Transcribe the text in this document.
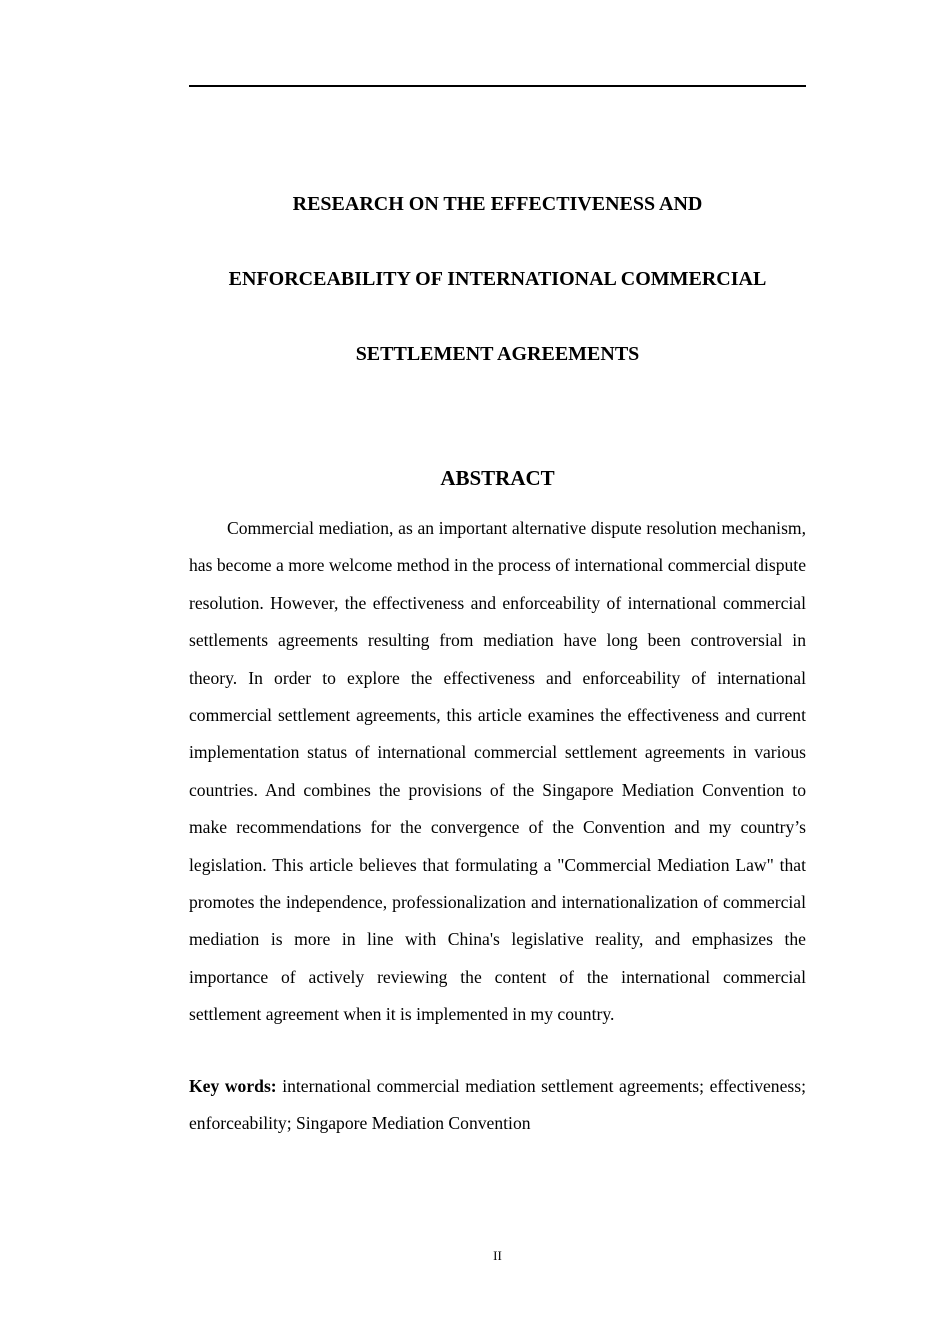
RESEARCH ON THE EFFECTIVENESS AND
ENFORCEABILITY OF INTERNATIONAL COMMERCIAL
SETTLEMENT AGREEMENTS
ABSTRACT

Commercial mediation, as an important alternative dispute resolution mechanism, has become a more welcome method in the process of international commercial dispute resolution. However, the effectiveness and enforceability of international commercial settlements agreements resulting from mediation have long been controversial in theory. In order to explore the effectiveness and enforceability of international commercial settlement agreements, this article examines the effectiveness and current implementation status of international commercial settlement agreements in various countries. And combines the provisions of the Singapore Mediation Convention to make recommendations for the convergence of the Convention and my country’s legislation. This article believes that formulating a "Commercial Mediation Law" that promotes the independence, professionalization and internationalization of commercial mediation is more in line with China's legislative reality, and emphasizes the importance of actively reviewing the content of the international commercial settlement agreement when it is implemented in my country.

Key words: international commercial mediation settlement agreements; effectiveness; enforceability; Singapore Mediation Convention

II
